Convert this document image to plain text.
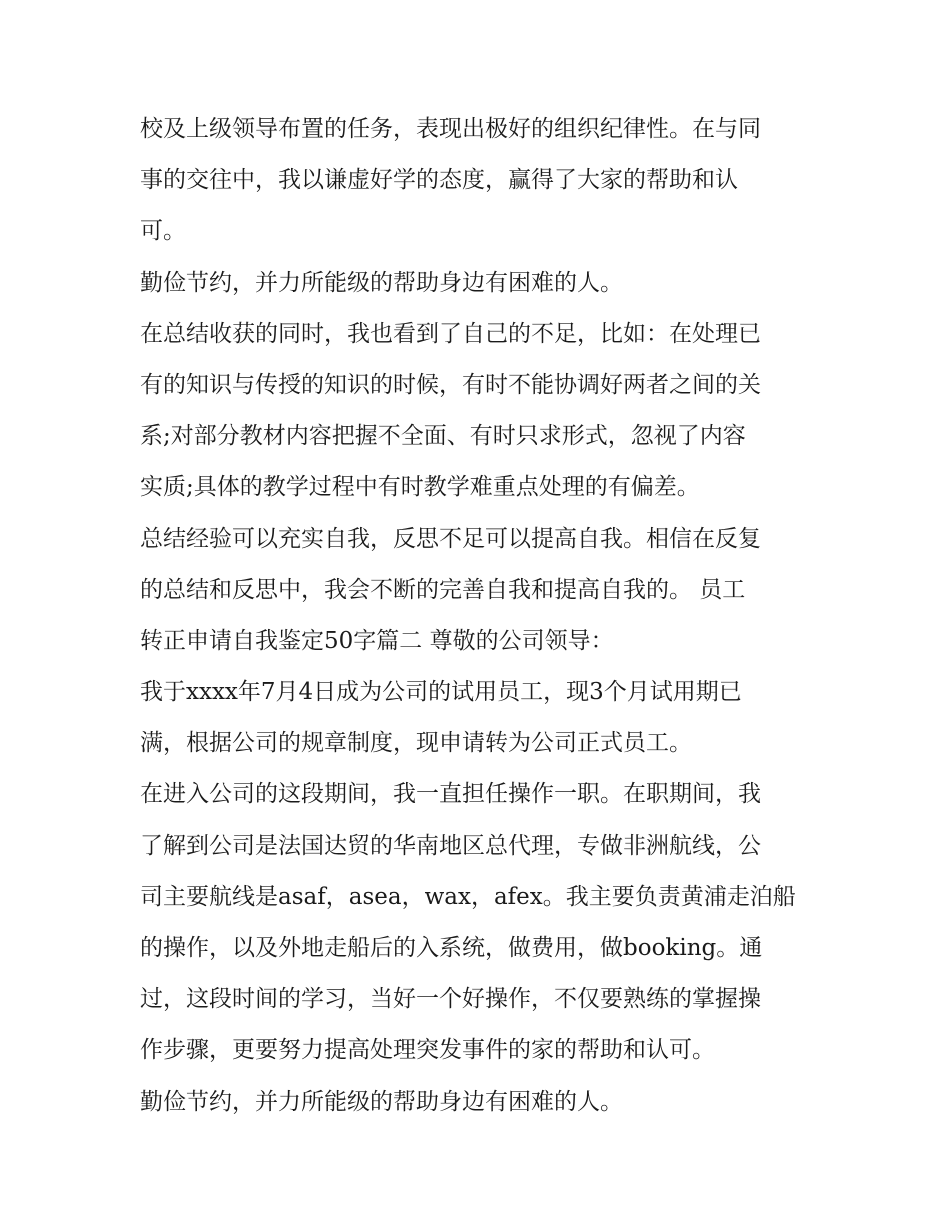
校及上级领导布置的任务，表现出极好的组织纪律性。在与同
事的交往中，我以谦虚好学的态度，赢得了大家的帮助和认
可。
勤俭节约，并力所能级的帮助身边有困难的人。
在总结收获的同时，我也看到了自己的不足，比如：在处理已
有的知识与传授的知识的时候，有时不能协调好两者之间的关
系;对部分教材内容把握不全面、有时只求形式，忽视了内容
实质;具体的教学过程中有时教学难重点处理的有偏差。
总结经验可以充实自我，反思不足可以提高自我。相信在反复
的总结和反思中，我会不断的完善自我和提高自我的。 员工
转正申请自我鉴定50字篇二 尊敬的公司领导：
我于xxxx年7月4日成为公司的试用员工，现3个月试用期已
满，根据公司的规章制度，现申请转为公司正式员工。
在进入公司的这段期间，我一直担任操作一职。在职期间，我
了解到公司是法国达贸的华南地区总代理，专做非洲航线，公
司主要航线是asaf，asea，wax，afex。我主要负责黄浦走泊船
的操作，以及外地走船后的入系统，做费用，做booking。通
过，这段时间的学习，当好一个好操作，不仅要熟练的掌握操
作步骤，更要努力提高处理突发事件的家的帮助和认可。
勤俭节约，并力所能级的帮助身边有困难的人。
